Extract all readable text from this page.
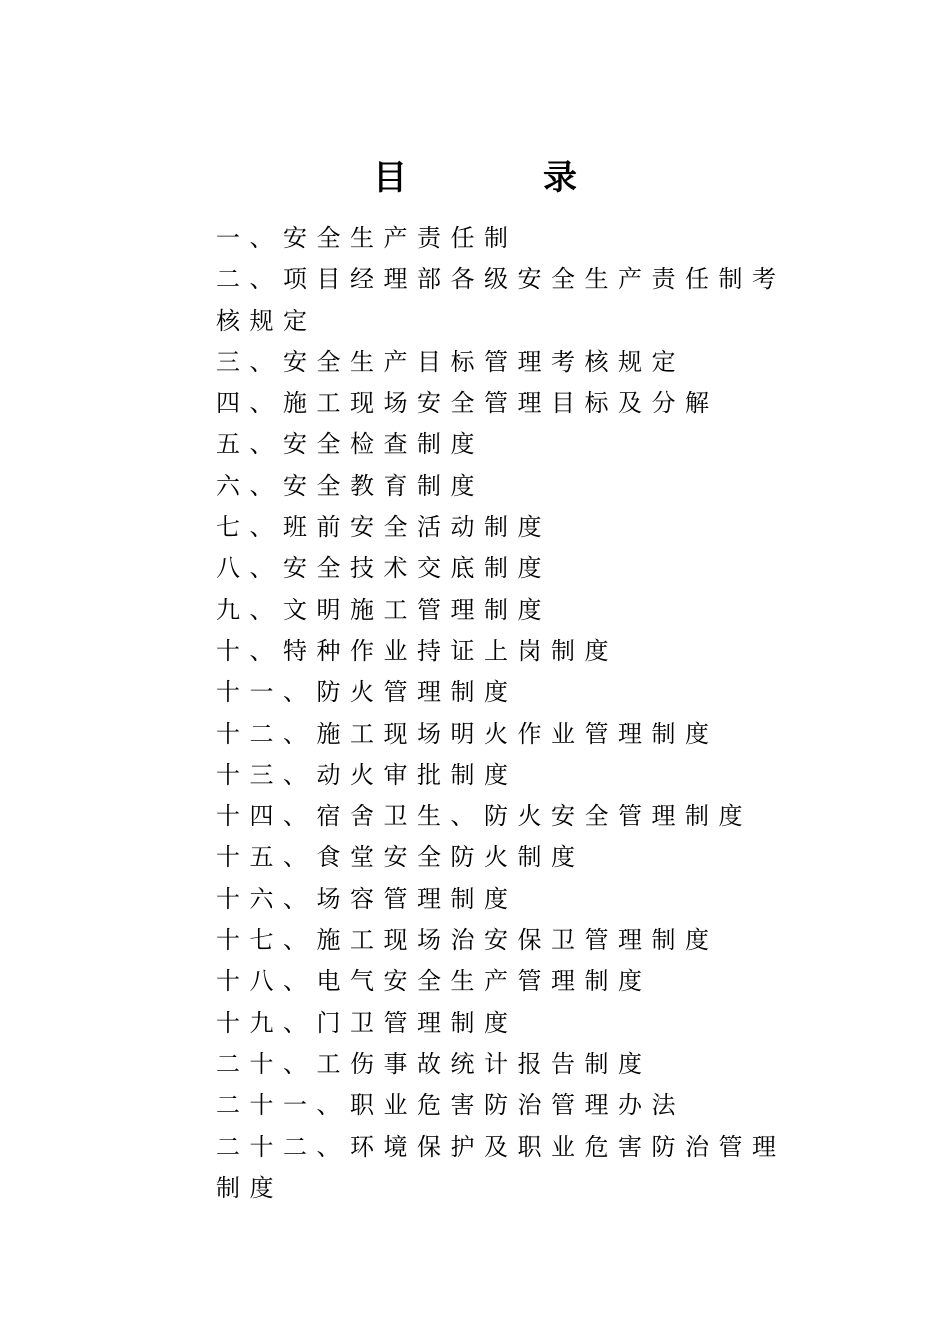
目　　　　录
一、安全生产责任制
二、项目经理部各级安全生产责任制考核规定
三、安全生产目标管理考核规定
四、施工现场安全管理目标及分解
五、安全检查制度
六、安全教育制度
七、班前安全活动制度
八、安全技术交底制度
九、文明施工管理制度
十、特种作业持证上岗制度
十一、防火管理制度
十二、施工现场明火作业管理制度
十三、动火审批制度
十四、宿舍卫生、防火安全管理制度
十五、食堂安全防火制度
十六、场容管理制度
十七、施工现场治安保卫管理制度
十八、电气安全生产管理制度
十九、门卫管理制度
二十、工伤事故统计报告制度
二十一、职业危害防治管理办法
二十二、环境保护及职业危害防治管理制度
